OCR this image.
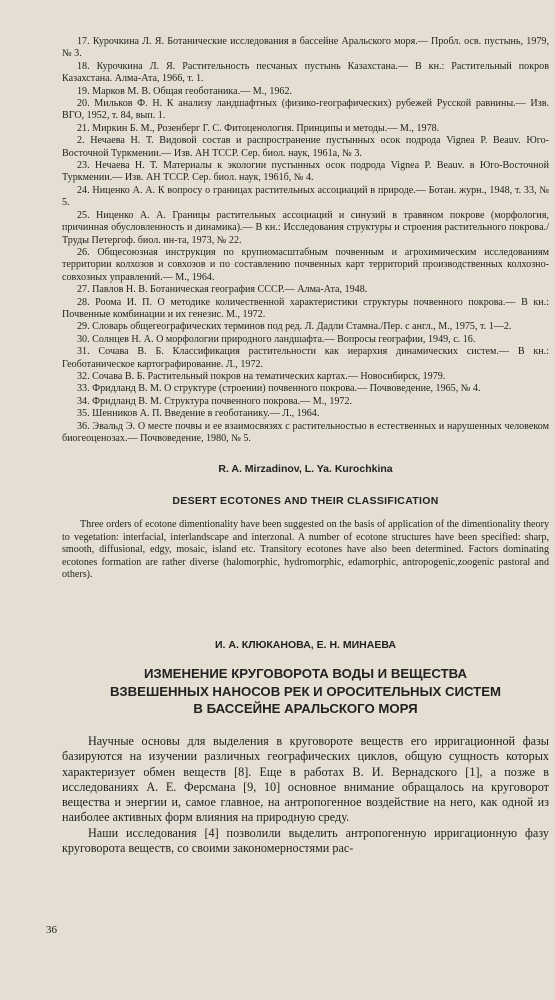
17. Курочкина Л. Я. Ботанические исследования в бассейне Аральского моря.— Пробл. осв. пустынь, 1979, № 3.

18. Курочкина Л. Я. Растительность песчаных пустынь Казахстана.— В кн.: Растительный покров Казахстана. Алма-Ата, 1966, т. 1.

19. Марков М. В. Общая геоботаника.— М., 1962.

20. Мильков Ф. Н. К анализу ландшафтных (физико-географических) рубежей Русской равнины.— Изв. ВГО, 1952, т. 84, вып. 1.

21. Миркин Б. М., Розенберг Г. С. Фитоценология. Принципы и методы.— М., 1978.

2. Нечаева Н. Т. Видовой состав и распространение пустынных осок подрода Vignea P. Beauv. Юго-Восточной Туркмении.— Изв. АН ТССР. Сер. биол. наук, 1961а, № 3.

23. Нечаева Н. Т. Материалы к экологии пустынных осок подрода Vignea P. Beauv. в Юго-Восточной Туркмении.— Изв. АН ТССР. Сер. биол. наук, 1961б, № 4.

24. Ниценко А. А. К вопросу о границах растительных ассоциаций в природе.— Ботан. журн., 1948, т. 33, № 5.

25. Ниценко А. А. Границы растительных ассоциаций и синузий в травяном покрове (морфология, причинная обусловленность и динамика).— В кн.: Исследования структуры и строения растительного покрова./Труды Петергоф. биол. ин-та, 1973, № 22.

26. Общесоюзная инструкция по крупномасштабным почвенным и агрохимическим исследованиям территории колхозов и совхозов и по составлению почвенных карт территорий производственных колхозно-совхозных управлений.— М., 1964.

27. Павлов Н. В. Ботаническая география СССР.— Алма-Ата, 1948.

28. Роома И. П. О методике количественной характеристики структуры почвенного покрова.— В кн.: Почвенные комбинации и их генезис. М., 1972.

29. Словарь общегеографических терминов под ред. Л. Дадли Стамна./Пер. с англ., М., 1975, т. 1—2.

30. Солнцев Н. А. О морфологии природного ландшафта.— Вопросы географии, 1949, с. 16.

31. Сочава В. Б. Классификация растительности как иерархия динамических систем.— В кн.: Геоботаническое картографирование. Л., 1972.

32. Сочава В. Б. Растительный покров на тематических картах.— Новосибирск, 1979.

33. Фридланд В. М. О структуре (строении) почвенного покрова.— Почвоведение, 1965, № 4.

34. Фридланд В. М. Структура почвенного покрова.— М., 1972.

35. Шенников А. П. Введение в геоботанику.— Л., 1964.

36. Эвальд Э. О месте почвы и ее взаимосвязях с растительностью в естественных и нарушенных человеком биогеоценозах.— Почвоведение, 1980, № 5.

R. A. Mirzadinov, L. Ya. Kurochkina
DESERT ECOTONES AND THEIR CLASSIFICATION

Three orders of ecotone dimentionality have been suggested on the basis of application of the dimentionality theory to vegetation: interfacial, interlandscape and interzonal. A number of ecotone structures have been specified: sharp, smooth, diffusional, edgy, mosaic, island etc. Transitory ecotones have also been determined. Factors dominating ecotones formation are rather diverse (halomorphic, hydromorphic, edamorphic, antropogenic,zoogenic pastoral and others).

И. А. КЛЮКАНОВА, Е. Н. МИНАЕВА
ИЗМЕНЕНИЕ КРУГОВОРОТА ВОДЫ И ВЕЩЕСТВА
ВЗВЕШЕННЫХ НАНОСОВ РЕК И ОРОСИТЕЛЬНЫХ СИСТЕМ
В БАССЕЙНЕ АРАЛЬСКОГО МОРЯ

Научные основы для выделения в круговороте веществ его ирригационной фазы базируются на изучении различных географических циклов, общую сущность которых характеризует обмен веществ [8]. Еще в работах В. И. Вернадского [1], а позже в исследованиях А. Е. Ферсмана [9, 10] основное внимание обращалось на круговорот вещества и энергии и, самое главное, на антропогенное воздействие на него, как одной из наиболее активных форм влияния на природную среду.

Наши исследования [4] позволили выделить антропогенную ирригационную фазу круговорота веществ, со своими закономерностями рас-

36
